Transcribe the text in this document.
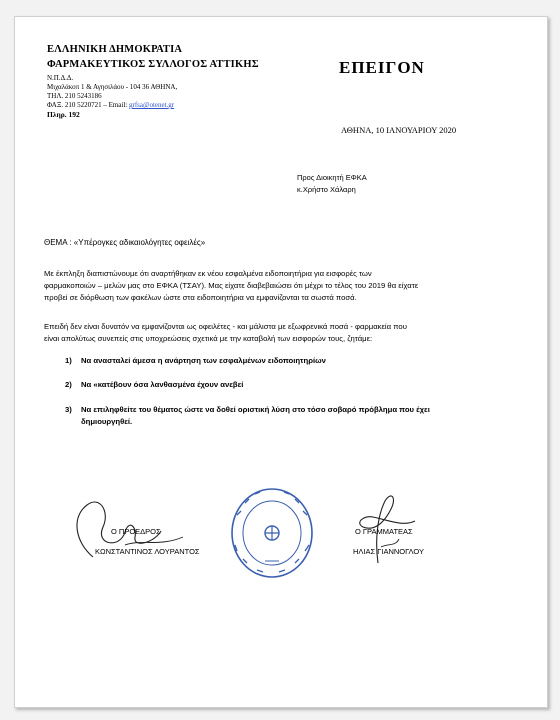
ΕΛΛΗΝΙΚΗ ΔΗΜΟΚΡΑΤΙΑ
ΦΑΡΜΑΚΕΥΤΙΚΟΣ ΣΥΛΛΟΓΟΣ ΑΤΤΙΚΗΣ
Ν.Π.Δ.Δ.
Μιχαλάκοπ 1 & Αγησιλάου - 104 36 ΑΘΗΝΑ,
ΤΗΛ. 210 5243186
ΦΑΞ. 210 5220721 – Email: grfsa@otenet.gr
Πληρ. 192
ΕΠΕΙΓΟΝ
ΑΘΗΝΑ, 10 ΙΑΝΟΥΑΡΙΟΥ 2020
Προς Διοικητή ΕΦΚΑ
κ.Χρήστο Χάλαρη
ΘΕΜΑ : «Υπέρογκες αδικαιολόγητες οφειλές»
Με έκπληξη διαπιστώνουμε ότι αναρτήθηκαν εκ νέου εσφαλμένα ειδοποιητήρια για εισφορές των
φαρμακοποιών – μελών μας στο ΕΦΚΑ (ΤΣΑΥ). Μας είχατε διαβεβαιώσει ότι μέχρι το τέλος του 2019 θα είχατε
προβεί σε διόρθωση των φακέλων ώστε στα ειδοποιητήρια να εμφανίζονται τα σωστά ποσά.
Επειδή δεν είναι δυνατόν να εμφανίζονται ως οφειλέτες - και μάλιστα με εξωφρενικά ποσά - φαρμακεία που
είναι απολύτως συνεπείς στις υποχρεώσεις σχετικά με την καταβολή των εισφορών τους, ζητάμε:
1) Να ανασταλεί άμεσα η ανάρτηση των εσφαλμένων ειδοποιητηρίων
2) Να «κατέβουν όσα λανθασμένα έχουν ανεβεί
3) Να επιληφθείτε του θέματος ώστε να δοθεί οριστική λύση στο τόσο σοβαρό πρόβλημα που έχει
δημιουργηθεί.
Ο ΠΡΟΕΔΡΟΣ
ΚΩΝΣΤΑΝΤΙΝΟΣ ΛΟΥΡΑΝΤΟΣ
Ο ΓΡΑΜΜΑΤΕΑΣ
ΗΛΙΑΣ ΓΙΑΝΝΟΓΛΟΥ
